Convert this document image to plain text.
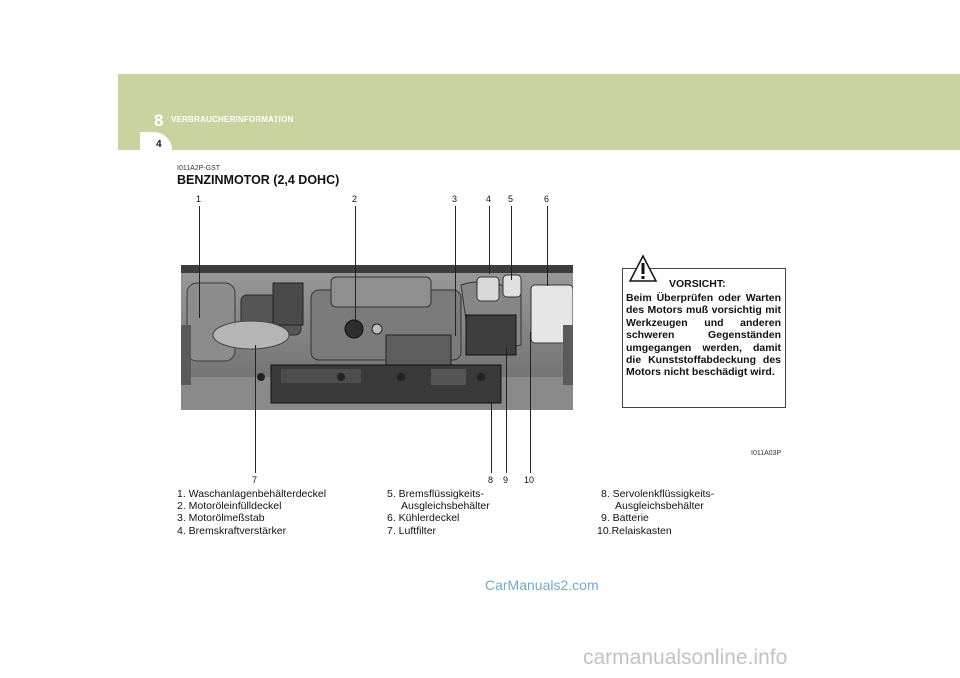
8 VERBRAUCHERINFORMATION
4
I011A2P-GST
BENZINMOTOR (2,4 DOHC)
1	2	3	4 5	6
7	8 9 10
VORSICHT:
Beim Überprüfen oder Warten des Motors muß vorsichtig mit Werkzeugen und anderen schweren Gegenständen umgegangen werden, damit die Kunststoffabdeckung des Motors nicht beschädigt wird.
I011A03P
1. Waschanlagenbehälterdeckel
2. Motoröleinfülldeckel
3. Motorölmeßstab
4. Bremskraftverstärker
5. Bremsflüssigkeits-
Ausgleichsbehälter
6. Kühlerdeckel
7. Luftfilter
8. Servolenkflüssigkeits-
Ausgleichsbehälter
9. Batterie
10.Relaiskasten
CarManuals2.com
carmanualsonline.info
